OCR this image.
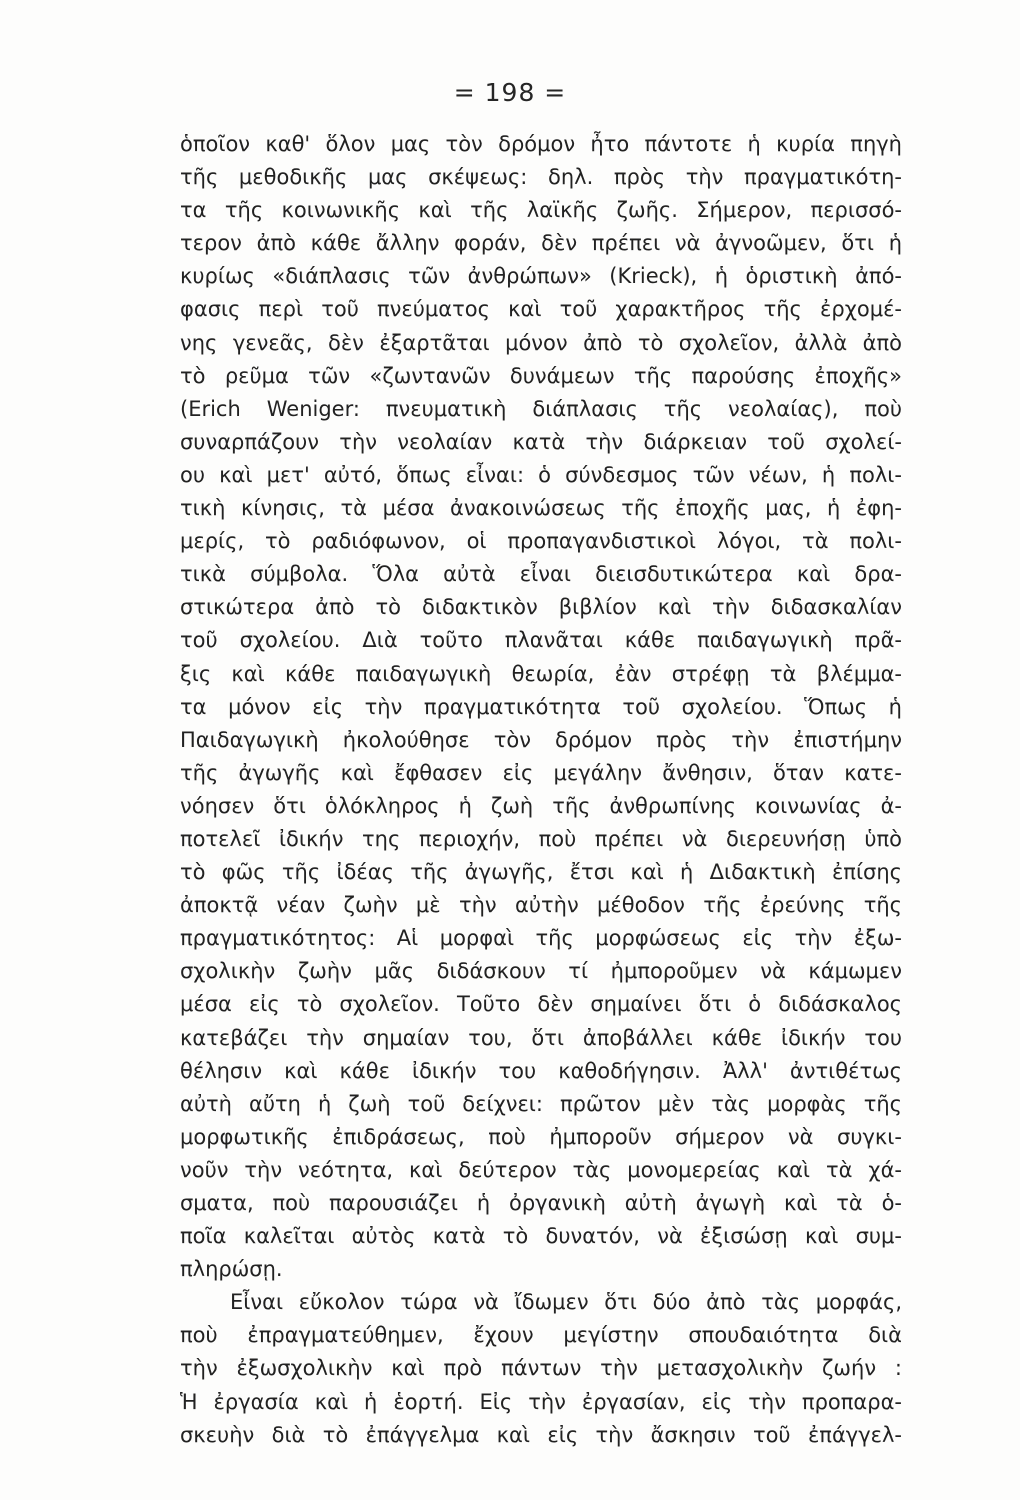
= 198 =
ὁποῖον καθ' ὅλον μας τὸν δρόμον ἦτο πάντοτε ἡ κυρία πηγὴ
τῆς μεθοδικῆς μας σκέψεως: δηλ. πρὸς τὴν πραγματικότη-
τα τῆς κοινωνικῆς καὶ τῆς λαϊκῆς ζωῆς. Σήμερον, περισσό-
τερον ἀπὸ κάθε ἄλλην φοράν, δὲν πρέπει νὰ ἀγνοῶμεν, ὅτι ἡ
κυρίως «διάπλασις τῶν ἀνθρώπων» (Krieck), ἡ ὁριστικὴ ἀπό-
φασις περὶ τοῦ πνεύματος καὶ τοῦ χαρακτῆρος τῆς ἐρχομέ-
νης γενεᾶς, δὲν ἐξαρτᾶται μόνον ἀπὸ τὸ σχολεῖον, ἀλλὰ ἀπὸ
τὸ ρεῦμα τῶν «ζωντανῶν δυνάμεων τῆς παρούσης ἐποχῆς»
(Erich Weniger: πνευματικὴ διάπλασις τῆς νεολαίας), ποὺ
συναρπάζουν τὴν νεολαίαν κατὰ τὴν διάρκειαν τοῦ σχολεί-
ου καὶ μετ' αὐτό, ὅπως εἶναι: ὁ σύνδεσμος τῶν νέων, ἡ πολι-
τικὴ κίνησις, τὰ μέσα ἀνακοινώσεως τῆς ἐποχῆς μας, ἡ ἐφη-
μερίς, τὸ ραδιόφωνον, οἱ προπαγανδιστικοὶ λόγοι, τὰ πολι-
τικὰ σύμβολα. Ὅλα αὐτὰ εἶναι διεισδυτικώτερα καὶ δρα-
στικώτερα ἀπὸ τὸ διδακτικὸν βιβλίον καὶ τὴν διδασκαλίαν
τοῦ σχολείου. Διὰ τοῦτο πλανᾶται κάθε παιδαγωγικὴ πρᾶ-
ξις καὶ κάθε παιδαγωγικὴ θεωρία, ἐὰν στρέφῃ τὰ βλέμμα-
τα μόνον εἰς τὴν πραγματικότητα τοῦ σχολείου. Ὅπως ἡ
Παιδαγωγικὴ ἠκολούθησε τὸν δρόμον πρὸς τὴν ἐπιστήμην
τῆς ἀγωγῆς καὶ ἔφθασεν εἰς μεγάλην ἄνθησιν, ὅταν κατε-
νόησεν ὅτι ὁλόκληρος ἡ ζωὴ τῆς ἀνθρωπίνης κοινωνίας ἀ-
ποτελεῖ ἰδικήν της περιοχήν, ποὺ πρέπει νὰ διερευνήσῃ ὑπὸ
τὸ φῶς τῆς ἰδέας τῆς ἀγωγῆς, ἔτσι καὶ ἡ Διδακτικὴ ἐπίσης
ἀποκτᾷ νέαν ζωὴν μὲ τὴν αὐτὴν μέθοδον τῆς ἐρεύνης τῆς
πραγματικότητος: Αἱ μορφαὶ τῆς μορφώσεως εἰς τὴν ἐξω-
σχολικὴν ζωὴν μᾶς διδάσκουν τί ἠμποροῦμεν νὰ κάμωμεν
μέσα εἰς τὸ σχολεῖον. Τοῦτο δὲν σημαίνει ὅτι ὁ διδάσκαλος
κατεβάζει τὴν σημαίαν του, ὅτι ἀποβάλλει κάθε ἰδικήν του
θέλησιν καὶ κάθε ἰδικήν του καθοδήγησιν. Ἀλλ' ἀντιθέτως
αὐτὴ αὔτη ἡ ζωὴ τοῦ δείχνει: πρῶτον μὲν τὰς μορφὰς τῆς
μορφωτικῆς ἐπιδράσεως, ποὺ ἠμποροῦν σήμερον νὰ συγκι-
νοῦν τὴν νεότητα, καὶ δεύτερον τὰς μονομερείας καὶ τὰ χά-
σματα, ποὺ παρουσιάζει ἡ ὀργανικὴ αὐτὴ ἀγωγὴ καὶ τὰ ὁ-
ποῖα καλεῖται αὐτὸς κατὰ τὸ δυνατόν, νὰ ἐξισώσῃ καὶ συμ-
πληρώσῃ.
Εἶναι εὔκολον τώρα νὰ ἴδωμεν ὅτι δύο ἀπὸ τὰς μορφάς,
ποὺ ἐπραγματεύθημεν, ἔχουν μεγίστην σπουδαιότητα διὰ
τὴν ἐξωσχολικὴν καὶ πρὸ πάντων τὴν μετασχολικὴν ζωήν :
Ἡ ἐργασία καὶ ἡ ἑορτή. Εἰς τὴν ἐργασίαν, εἰς τὴν προπαρα-
σκευὴν διὰ τὸ ἐπάγγελμα καὶ εἰς τὴν ἄσκησιν τοῦ ἐπάγγελ-
